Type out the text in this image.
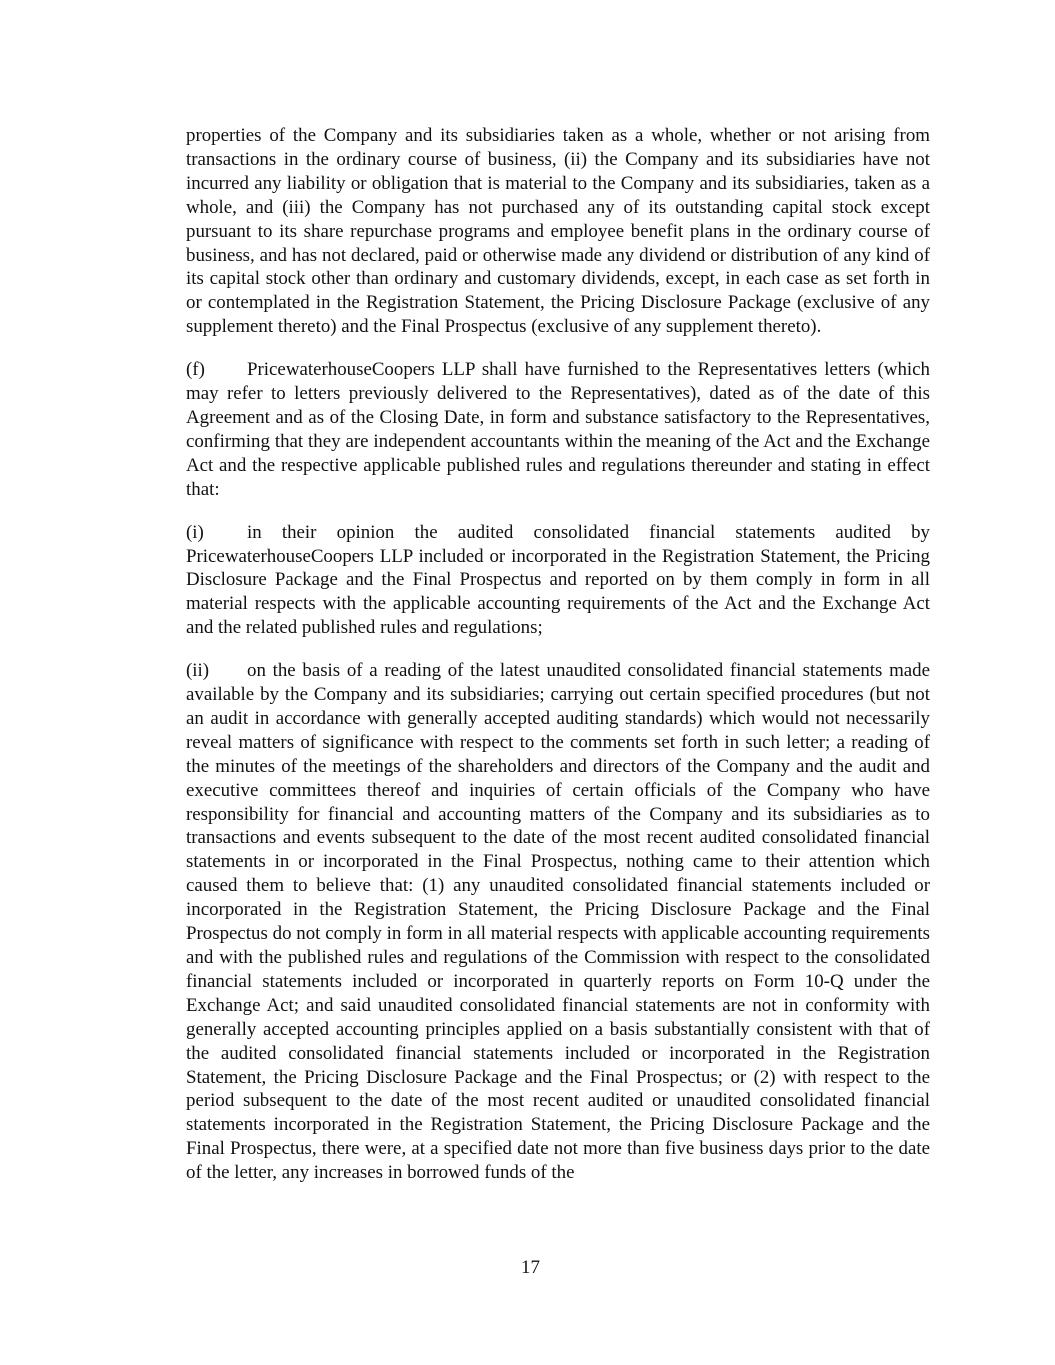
properties of the Company and its subsidiaries taken as a whole, whether or not arising from transactions in the ordinary course of business, (ii) the Company and its subsidiaries have not incurred any liability or obligation that is material to the Company and its subsidiaries, taken as a whole, and (iii) the Company has not purchased any of its outstanding capital stock except pursuant to its share repurchase programs and employee benefit plans in the ordinary course of business, and has not declared, paid or otherwise made any dividend or distribution of any kind of its capital stock other than ordinary and customary dividends, except, in each case as set forth in or contemplated in the Registration Statement, the Pricing Disclosure Package (exclusive of any supplement thereto) and the Final Prospectus (exclusive of any supplement thereto).

(f) PricewaterhouseCoopers LLP shall have furnished to the Representatives letters (which may refer to letters previously delivered to the Representatives), dated as of the date of this Agreement and as of the Closing Date, in form and substance satisfactory to the Representatives, confirming that they are independent accountants within the meaning of the Act and the Exchange Act and the respective applicable published rules and regulations thereunder and stating in effect that:

(i) in their opinion the audited consolidated financial statements audited by PricewaterhouseCoopers LLP included or incorporated in the Registration Statement, the Pricing Disclosure Package and the Final Prospectus and reported on by them comply in form in all material respects with the applicable accounting requirements of the Act and the Exchange Act and the related published rules and regulations;

(ii) on the basis of a reading of the latest unaudited consolidated financial statements made available by the Company and its subsidiaries; carrying out certain specified procedures (but not an audit in accordance with generally accepted auditing standards) which would not necessarily reveal matters of significance with respect to the comments set forth in such letter; a reading of the minutes of the meetings of the shareholders and directors of the Company and the audit and executive committees thereof and inquiries of certain officials of the Company who have responsibility for financial and accounting matters of the Company and its subsidiaries as to transactions and events subsequent to the date of the most recent audited consolidated financial statements in or incorporated in the Final Prospectus, nothing came to their attention which caused them to believe that: (1) any unaudited consolidated financial statements included or incorporated in the Registration Statement, the Pricing Disclosure Package and the Final Prospectus do not comply in form in all material respects with applicable accounting requirements and with the published rules and regulations of the Commission with respect to the consolidated financial statements included or incorporated in quarterly reports on Form 10-Q under the Exchange Act; and said unaudited consolidated financial statements are not in conformity with generally accepted accounting principles applied on a basis substantially consistent with that of the audited consolidated financial statements included or incorporated in the Registration Statement, the Pricing Disclosure Package and the Final Prospectus; or (2) with respect to the period subsequent to the date of the most recent audited or unaudited consolidated financial statements incorporated in the Registration Statement, the Pricing Disclosure Package and the Final Prospectus, there were, at a specified date not more than five business days prior to the date of the letter, any increases in borrowed funds of the

17
